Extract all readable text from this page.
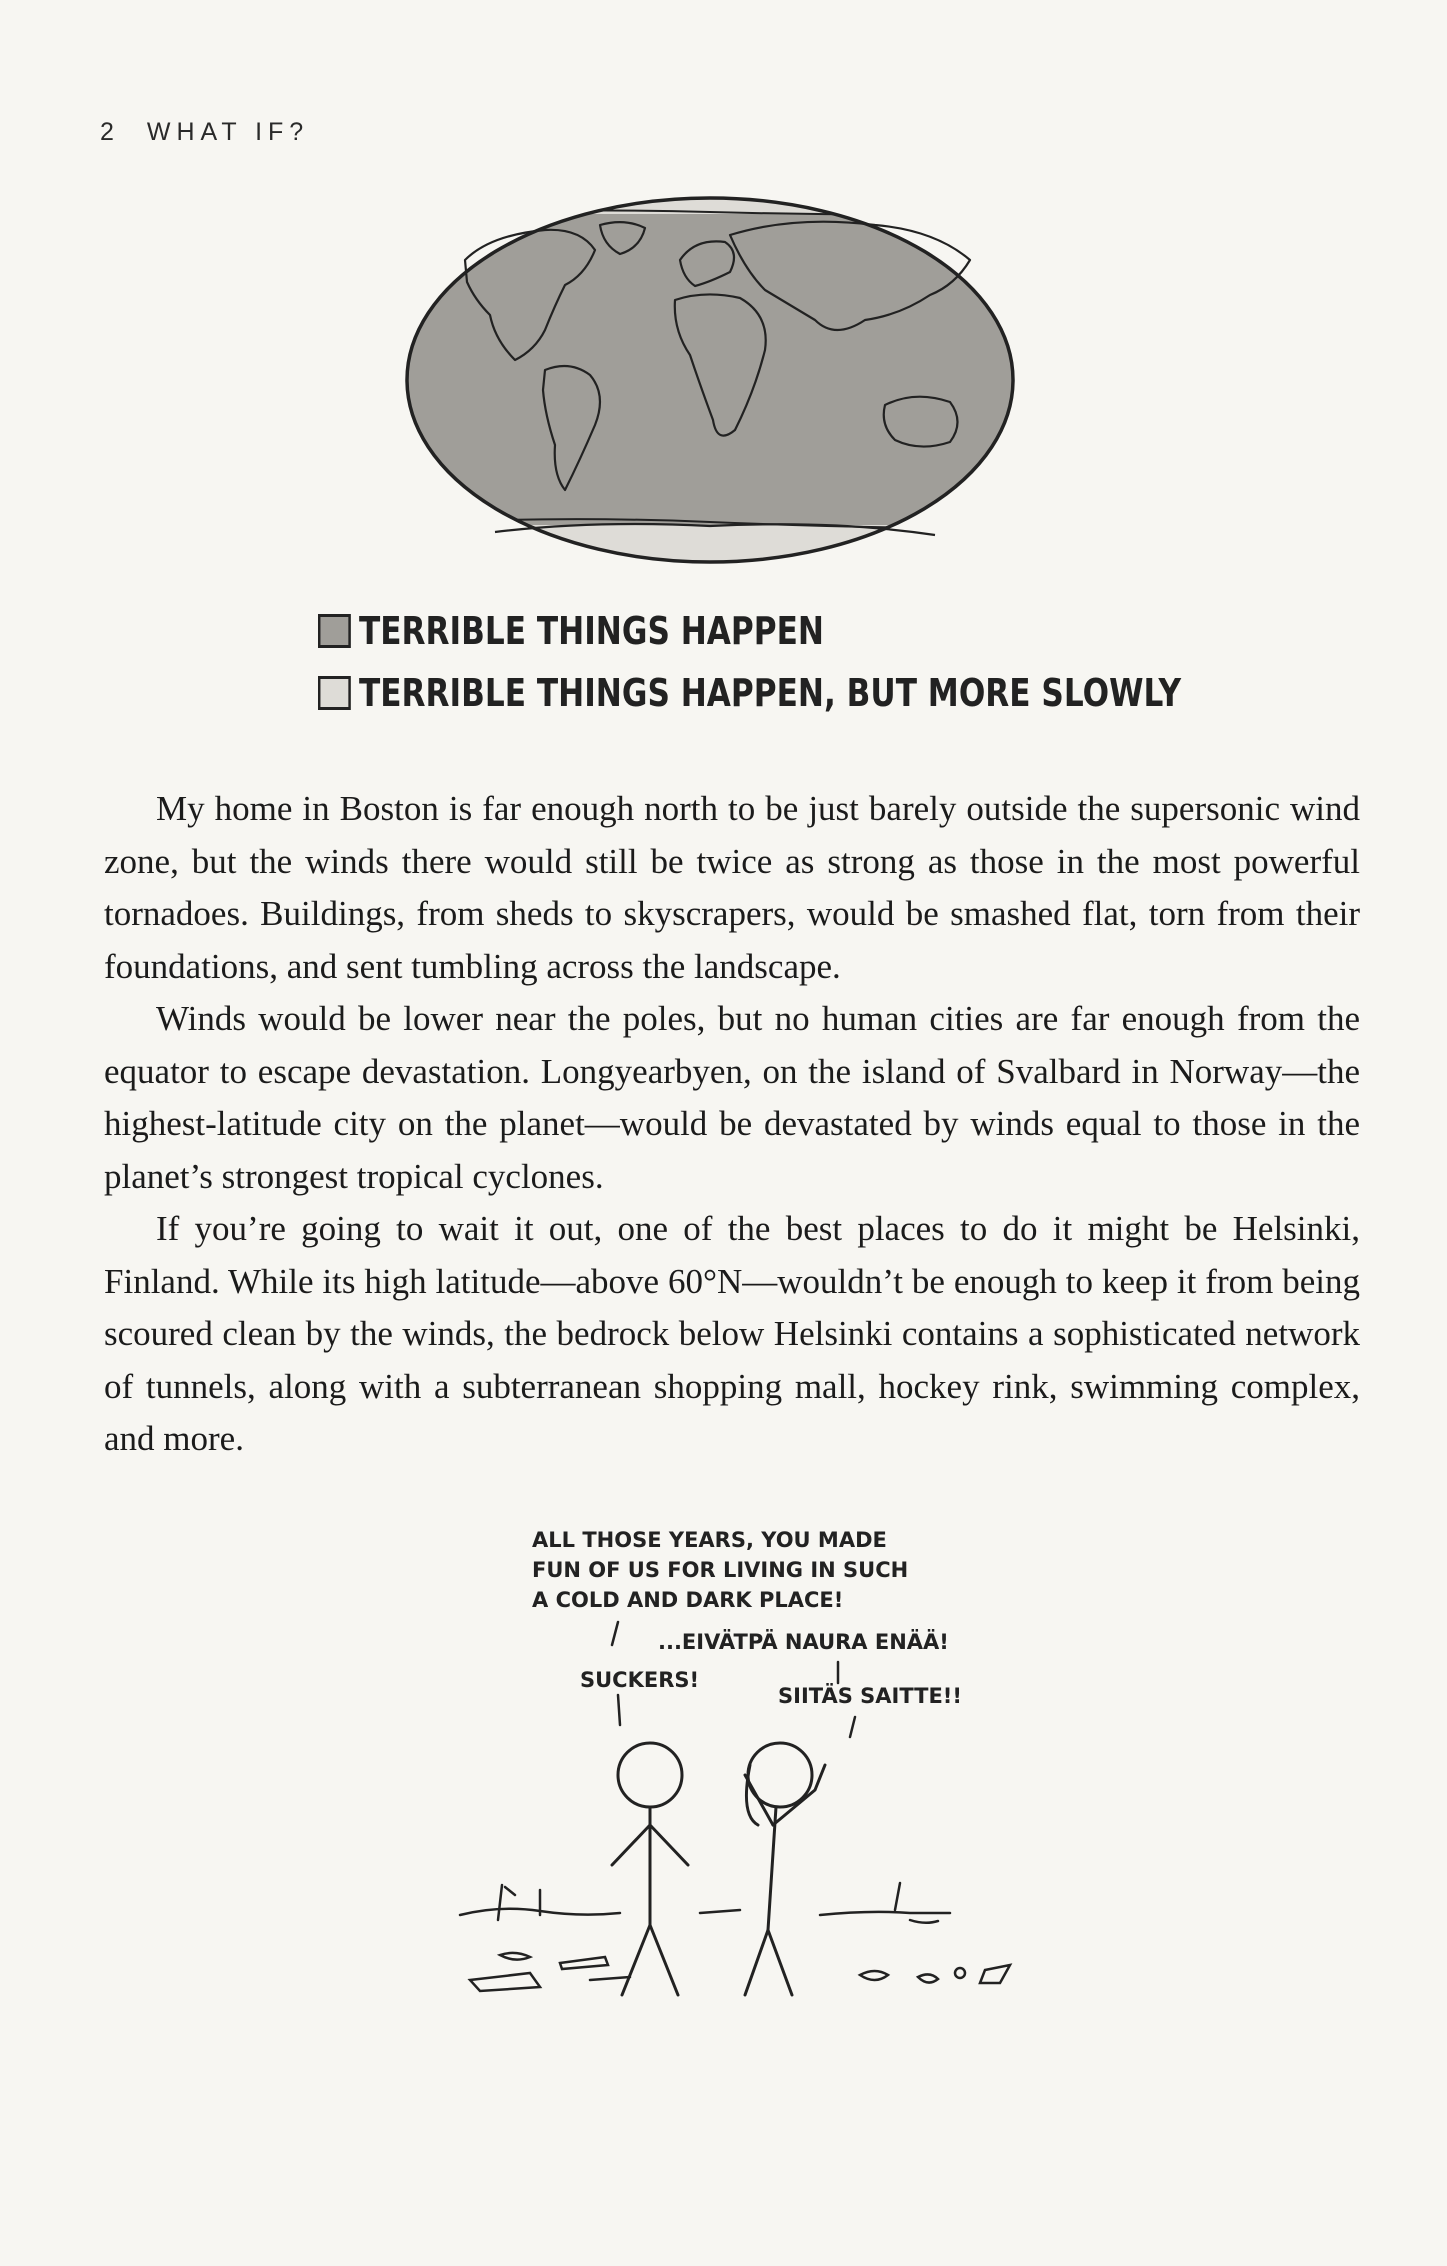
2 WHAT IF?
TERRIBLE THINGS HAPPEN
TERRIBLE THINGS HAPPEN, BUT MORE SLOWLY

My home in Boston is far enough north to be just barely outside the supersonic wind zone, but the winds there would still be twice as strong as those in the most powerful tornadoes. Buildings, from sheds to skyscrapers, would be smashed flat, torn from their foundations, and sent tumbling across the landscape.

Winds would be lower near the poles, but no human cities are far enough from the equator to escape devastation. Longyearbyen, on the island of Svalbard in Norway—the highest-latitude city on the planet—would be devastated by winds equal to those in the planet’s strongest tropical cyclones.

If you’re going to wait it out, one of the best places to do it might be Helsinki, Finland. While its high latitude—above 60°N—wouldn’t be enough to keep it from being scoured clean by the winds, the bedrock below Helsinki contains a sophisticated network of tunnels, along with a subterranean shopping mall, hockey rink, swimming complex, and more.

ALL THOSE YEARS, YOU MADE
FUN OF US FOR LIVING IN SUCH
A COLD AND DARK PLACE!
...EIVÄTPÄ NAURA ENÄÄ!
SUCKERS!
SIITÄS SAITTE!!
